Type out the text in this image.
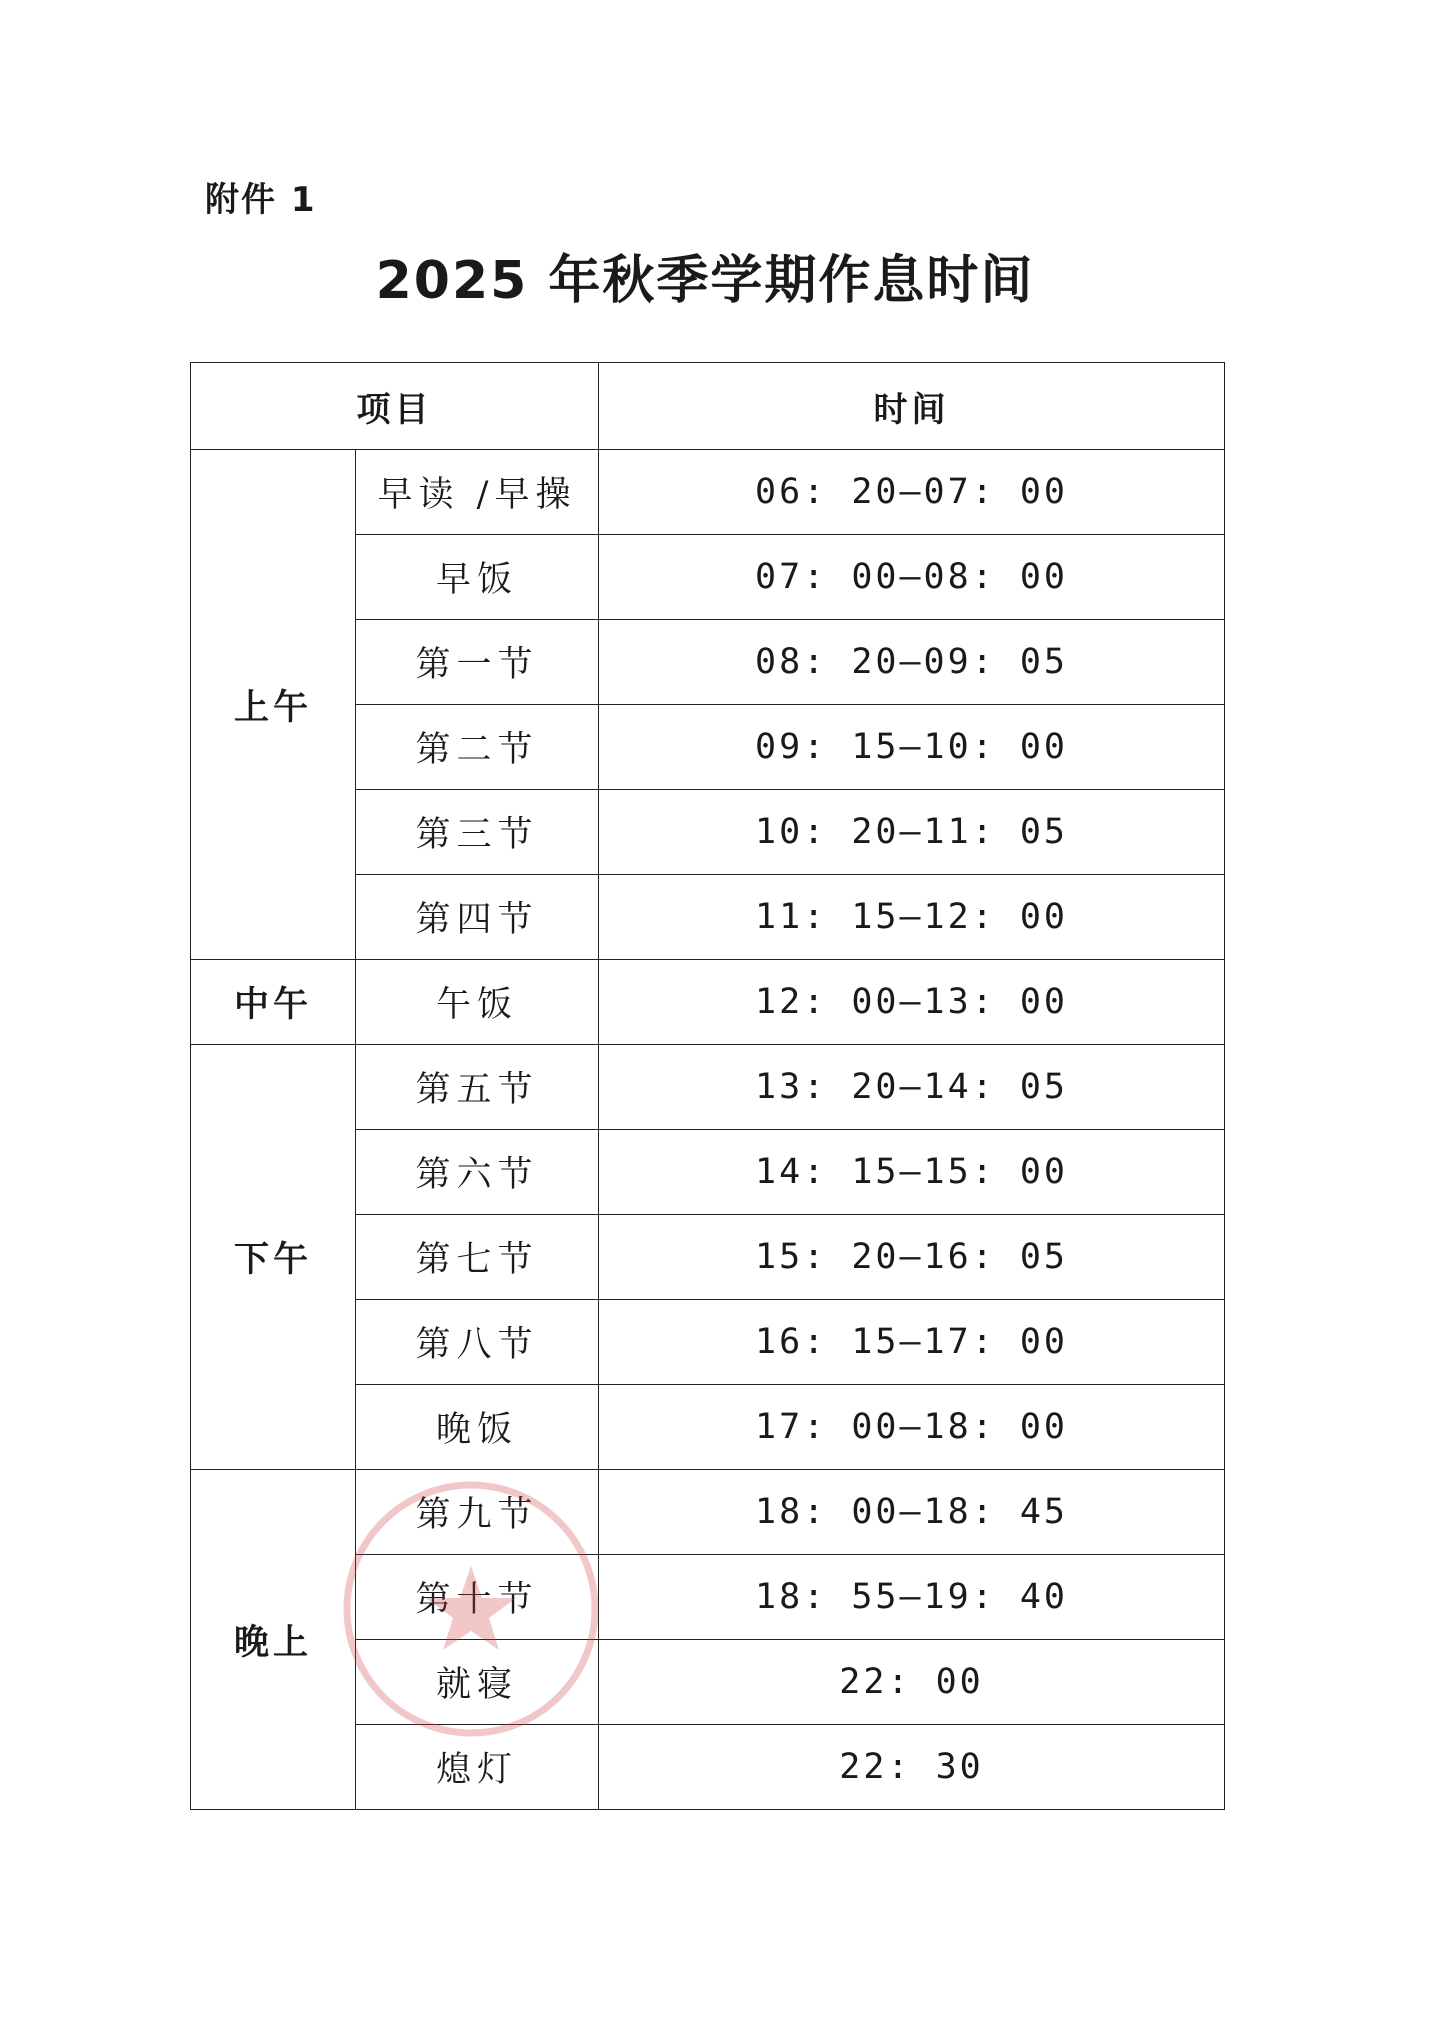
附件 1
2025 年秋季学期作息时间
项目		时间
上午	早读 /早操	06: 20—07: 00
	早饭	07: 00—08: 00
	第一节	08: 20—09: 05
	第二节	09: 15—10: 00
	第三节	10: 20—11: 05
	第四节	11: 15—12: 00
中午	午饭	12: 00—13: 00
下午	第五节	13: 20—14: 05
	第六节	14: 15—15: 00
	第七节	15: 20—16: 05
	第八节	16: 15—17: 00
	晚饭	17: 00—18: 00
晚上	第九节	18: 00—18: 45
	第十节	18: 55—19: 40
	就寝	22: 00
	熄灯	22: 30
